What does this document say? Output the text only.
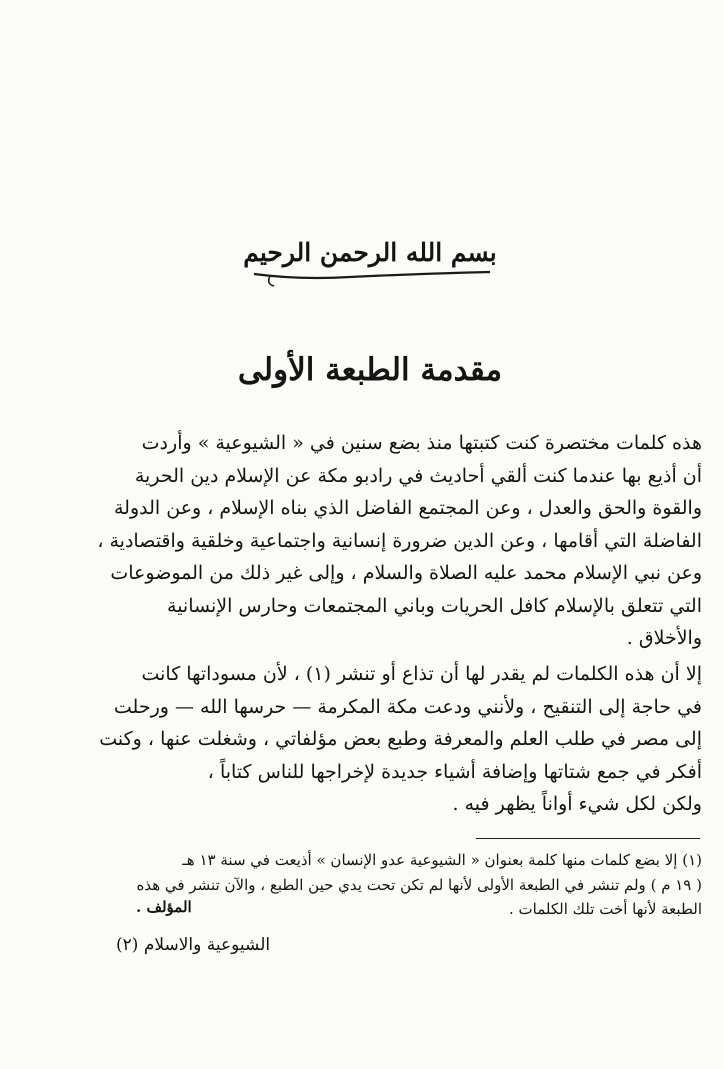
بسم الله الرحمن الرحيم
مقدمة الطبعة الأولى
هذه كلمات مختصرة كنت كتبتها منذ بضع سنين في « الشيوعية » وأردت
أن أذيع بها عندما كنت ألقي أحاديث في رادبو مكة عن الإسلام دين الحرية
والقوة والحق والعدل ، وعن المجتمع الفاضل الذي بناه الإسلام ، وعن الدولة
الفاضلة التي أقامها ، وعن الدين ضرورة إنسانية واجتماعية وخلقية واقتصادية ،
وعن نبي الإسلام محمد عليه الصلاة والسلام ، وإلى غير ذلك من الموضوعات
التي تتعلق بالإسلام كافل الحريات وباني المجتمعات وحارس الإنسانية
والأخلاق .
إلا أن هذه الكلمات لم يقدر لها أن تذاع أو تنشر (١) ، لأن مسوداتها كانت
في حاجة إلى التنقيح ، ولأنني ودعت مكة المكرمة — حرسها الله — ورحلت
إلى مصر في طلب العلم والمعرفة وطبع بعض مؤلفاتي ، وشغلت عنها ، وكنت
أفكر في جمع شتاتها وإضافة أشياء جديدة لإخراجها للناس كتاباً ،
ولكن لكل شيء أواناً يظهر فيه .
(١) إلا بضع كلمات منها كلمة بعنوان « الشيوعية عدو الإنسان » أذيعت في سنة ١٣ هـ
( ١٩ م ) ولم تنشر في الطبعة الأولى لأنها لم تكن تحت يدي حين الطبع ، والآن تنشر في هذه
الطبعة لأنها أخت تلك الكلمات .
المؤلف .
الشيوعية والاسلام (٢)
